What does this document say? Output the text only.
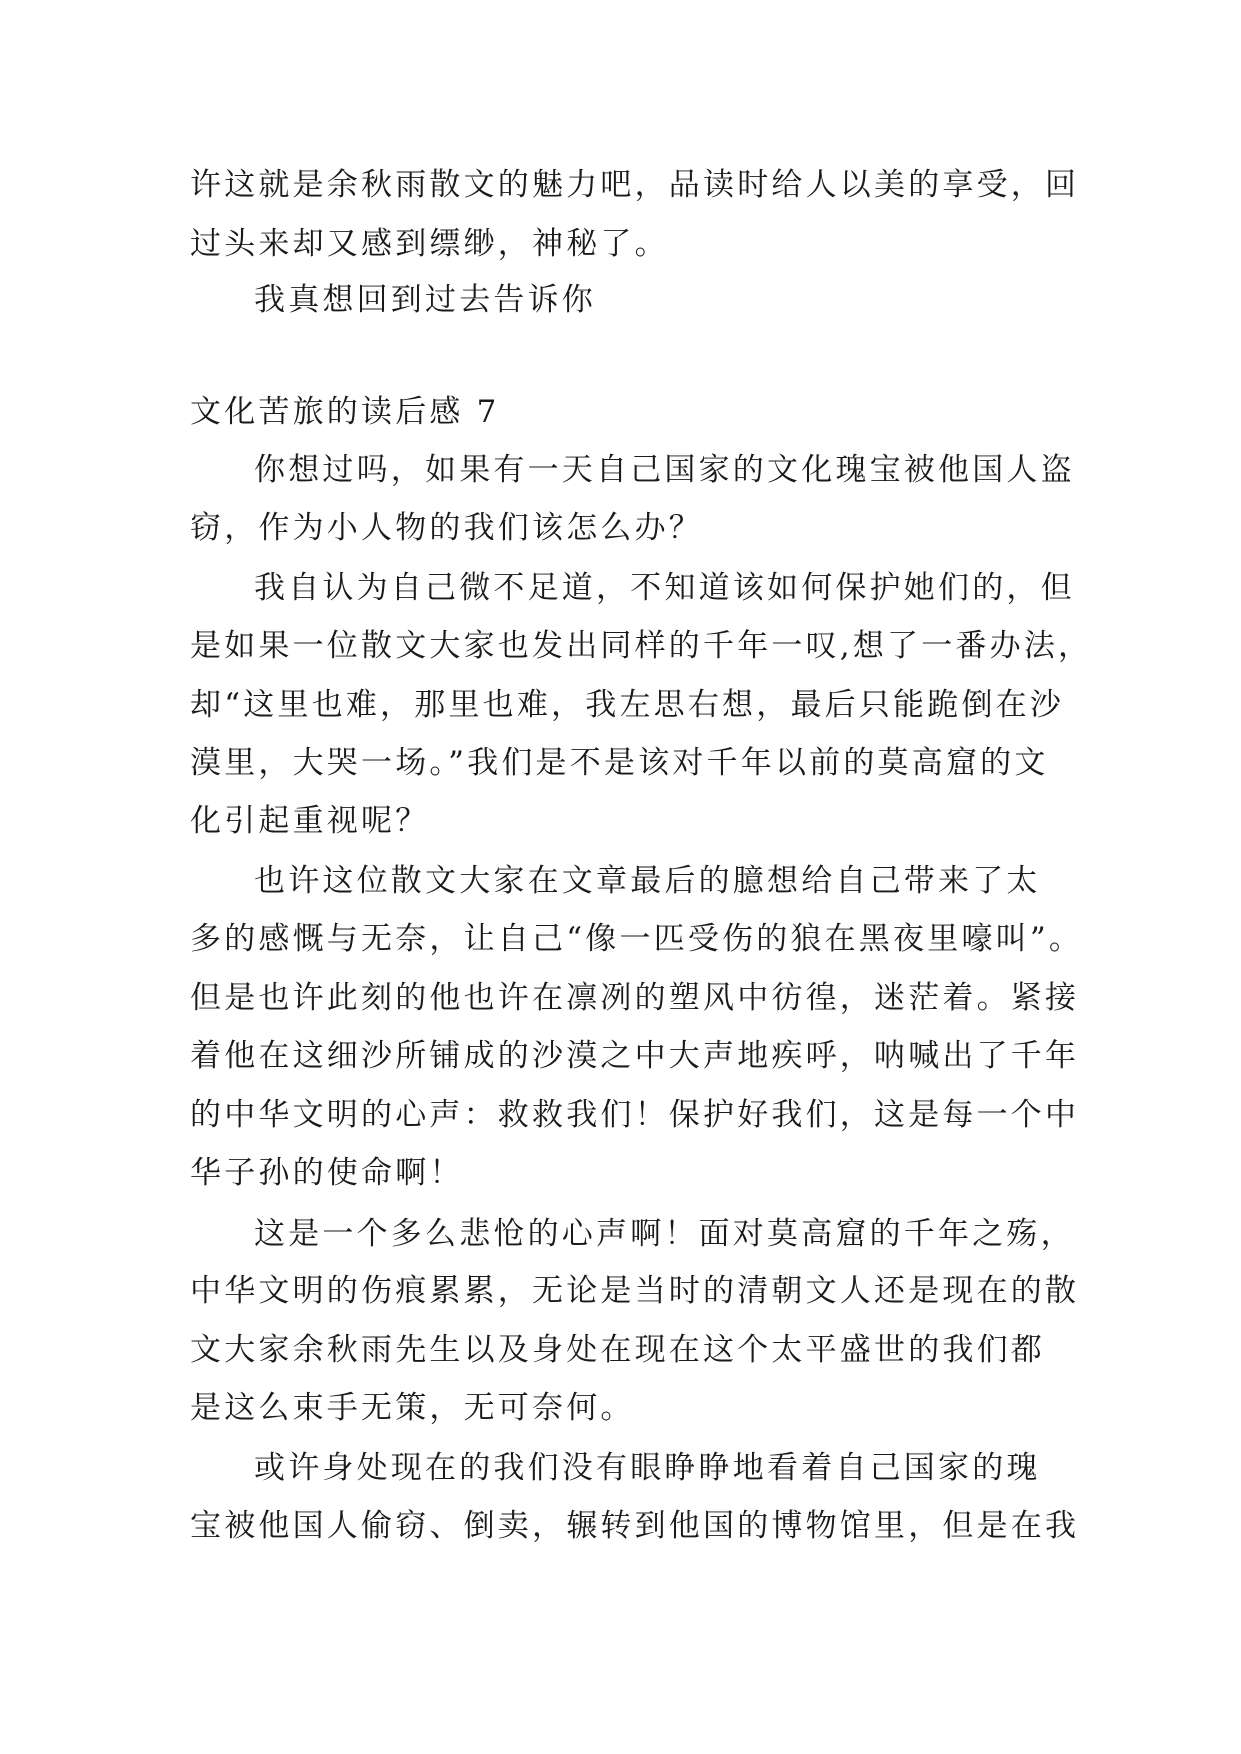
许这就是余秋雨散文的魅力吧，品读时给人以美的享受，回
过头来却又感到缥缈，神秘了。
我真想回到过去告诉你
文化苦旅的读后感 7
你想过吗，如果有一天自己国家的文化瑰宝被他国人盗
窃，作为小人物的我们该怎么办？
我自认为自己微不足道，不知道该如何保护她们的，但
是如果一位散文大家也发出同样的千年一叹,想了一番办法，
却“这里也难，那里也难，我左思右想，最后只能跪倒在沙
漠里，大哭一场。”我们是不是该对千年以前的莫高窟的文
化引起重视呢？
也许这位散文大家在文章最后的臆想给自己带来了太
多的感慨与无奈，让自己“像一匹受伤的狼在黑夜里嚎叫”。
但是也许此刻的他也许在凛冽的塑风中彷徨，迷茫着。紧接
着他在这细沙所铺成的沙漠之中大声地疾呼，呐喊出了千年
的中华文明的心声：救救我们！保护好我们，这是每一个中
华子孙的使命啊！
这是一个多么悲怆的心声啊！面对莫高窟的千年之殇，
中华文明的伤痕累累，无论是当时的清朝文人还是现在的散
文大家余秋雨先生以及身处在现在这个太平盛世的我们都
是这么束手无策，无可奈何。
或许身处现在的我们没有眼睁睁地看着自己国家的瑰
宝被他国人偷窃、倒卖，辗转到他国的博物馆里，但是在我
